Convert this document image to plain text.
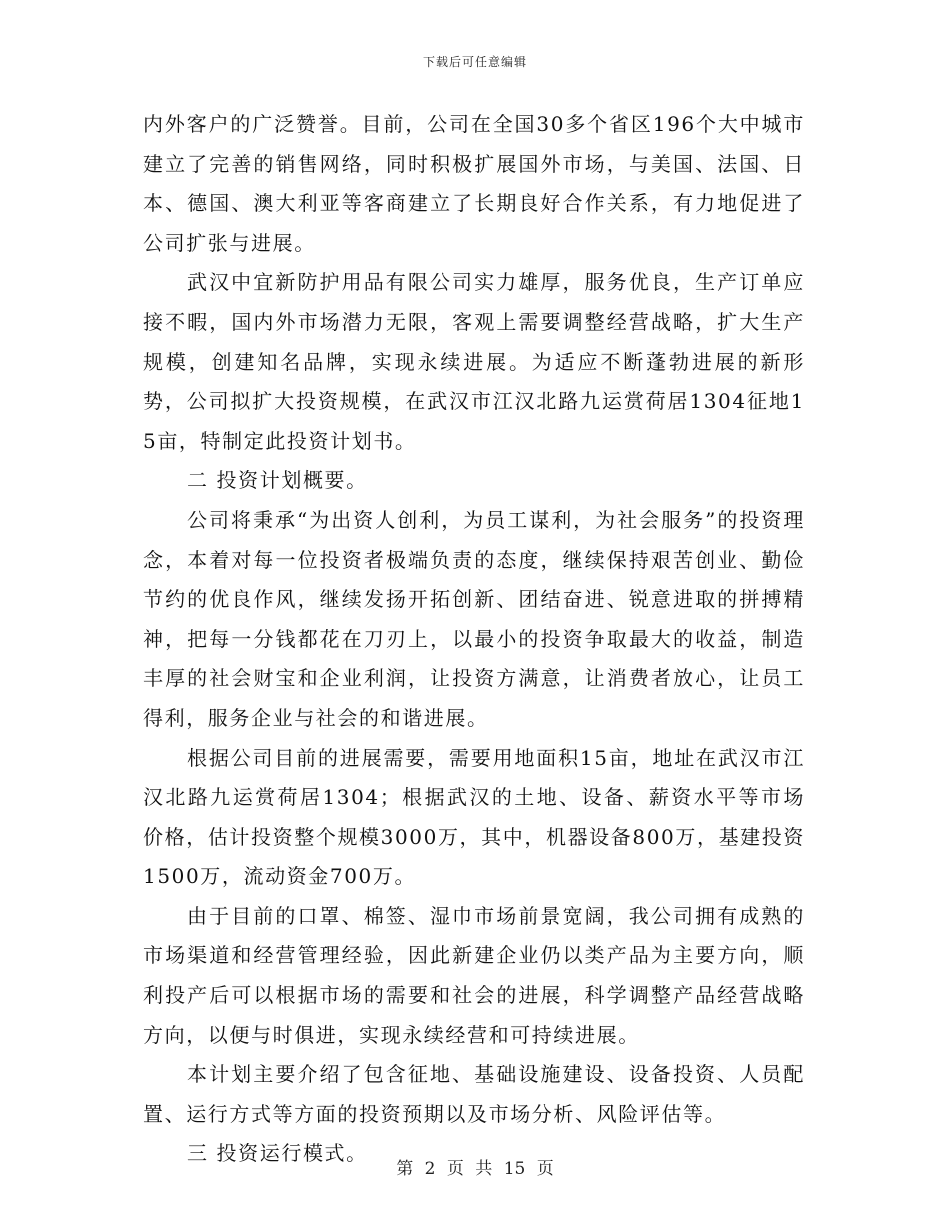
下载后可任意编辑

内外客户的广泛赞誉。目前，公司在全国30多个省区196个大中城市建立了完善的销售网络，同时积极扩展国外市场，与美国、法国、日本、德国、澳大利亚等客商建立了长期良好合作关系，有力地促进了公司扩张与进展。

武汉中宜新防护用品有限公司实力雄厚，服务优良，生产订单应接不暇，国内外市场潜力无限，客观上需要调整经营战略，扩大生产规模，创建知名品牌，实现永续进展。为适应不断蓬勃进展的新形势，公司拟扩大投资规模，在武汉市江汉北路九运赏荷居1304征地15亩，特制定此投资计划书。

二 投资计划概要。

公司将秉承“为出资人创利，为员工谋利，为社会服务”的投资理念，本着对每一位投资者极端负责的态度，继续保持艰苦创业、勤俭节约的优良作风，继续发扬开拓创新、团结奋进、锐意进取的拼搏精神，把每一分钱都花在刀刃上，以最小的投资争取最大的收益，制造丰厚的社会财宝和企业利润，让投资方满意，让消费者放心，让员工得利，服务企业与社会的和谐进展。

根据公司目前的进展需要，需要用地面积15亩，地址在武汉市江汉北路九运赏荷居1304；根据武汉的土地、设备、薪资水平等市场价格，估计投资整个规模3000万，其中，机器设备800万，基建投资1500万，流动资金700万。

由于目前的口罩、棉签、湿巾市场前景宽阔，我公司拥有成熟的市场渠道和经营管理经验，因此新建企业仍以类产品为主要方向，顺利投产后可以根据市场的需要和社会的进展，科学调整产品经营战略方向，以便与时俱进，实现永续经营和可持续进展。

本计划主要介绍了包含征地、基础设施建设、设备投资、人员配置、运行方式等方面的投资预期以及市场分析、风险评估等。

三 投资运行模式。

第 2 页 共 15 页
